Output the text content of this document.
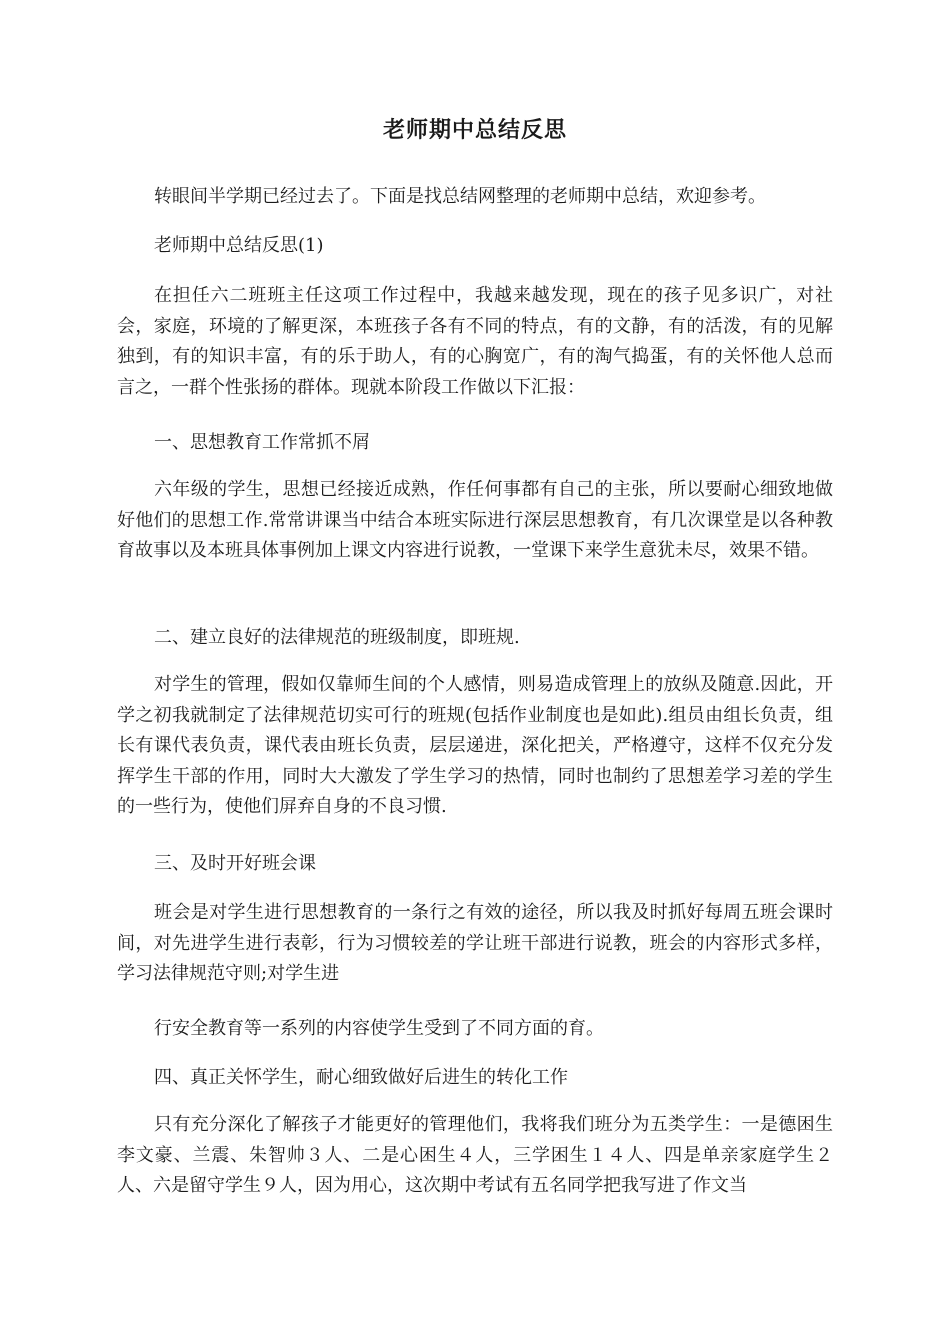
老师期中总结反思

转眼间半学期已经过去了。下面是找总结网整理的老师期中总结，欢迎参考。

老师期中总结反思(1)

在担任六二班班主任这项工作过程中，我越来越发现，现在的孩子见多识广，对社会，家庭，环境的了解更深，本班孩子各有不同的特点，有的文静，有的活泼，有的见解独到，有的知识丰富，有的乐于助人，有的心胸宽广，有的淘气捣蛋，有的关怀他人总而言之，一群个性张扬的群体。现就本阶段工作做以下汇报：

一、思想教育工作常抓不屑

六年级的学生，思想已经接近成熟，作任何事都有自己的主张，所以要耐心细致地做好他们的思想工作.常常讲课当中结合本班实际进行深层思想教育，有几次课堂是以各种教育故事以及本班具体事例加上课文内容进行说教，一堂课下来学生意犹未尽，效果不错。

二、建立良好的法律规范的班级制度，即班规.

对学生的管理，假如仅靠师生间的个人感情，则易造成管理上的放纵及随意.因此，开学之初我就制定了法律规范切实可行的班规(包括作业制度也是如此).组员由组长负责，组长有课代表负责，课代表由班长负责，层层递进，深化把关，严格遵守，这样不仅充分发挥学生干部的作用，同时大大激发了学生学习的热情，同时也制约了思想差学习差的学生的一些行为，使他们屏弃自身的不良习惯.

三、及时开好班会课

班会是对学生进行思想教育的一条行之有效的途径，所以我及时抓好每周五班会课时间，对先进学生进行表彰，行为习惯较差的学让班干部进行说教，班会的内容形式多样，学习法律规范守则;对学生进

行安全教育等一系列的内容使学生受到了不同方面的育。

四、真正关怀学生，耐心细致做好后进生的转化工作

只有充分深化了解孩子才能更好的管理他们，我将我们班分为五类学生：一是德困生李文豪、兰震、朱智帅３人、二是心困生４人，三学困生１４人、四是单亲家庭学生２人、六是留守学生９人，因为用心，这次期中考试有五名同学把我写进了作文当
